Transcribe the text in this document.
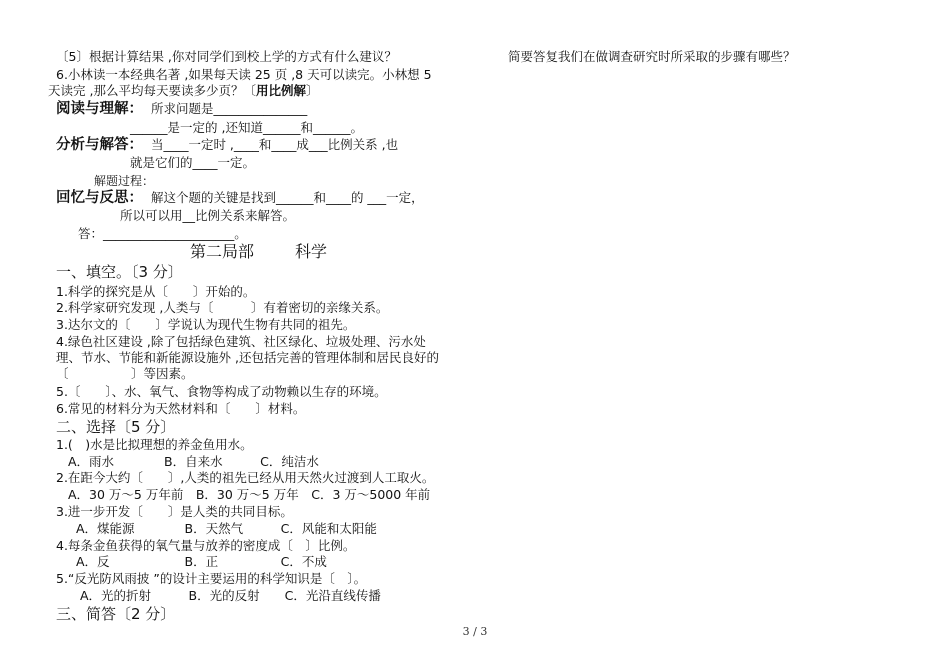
〔5〕根据计算结果 ,你对同学们到校上学的方式有什么建议？
6.小林读一本经典名著 ,如果每天读 25 页 ,8 天可以读完。小林想 5
天读完 ,那么平均每天要读多少页？〔用比例解〕
阅读与理解： 所求问题是_______________
______是一定的 ,还知道______和______。
分析与解答： 当____一定时 ,____和____成___比例关系 ,也
就是它们的____一定。
解题过程：
回忆与反思： 解这个题的关键是找到______和____的 ___一定，
所以可以用__比例关系来解答。
答：_____________________。
第二局部	科学
一、填空。〔3 分〕
1.科学的探究是从〔　　〕开始的。
2.科学家研究发现 ,人类与〔　　　〕有着密切的亲缘关系。
3.达尔文的〔　　〕学说认为现代生物有共同的祖先。
4.绿色社区建设 ,除了包括绿色建筑、社区绿化、垃圾处理、污水处
理、节水、节能和新能源设施外 ,还包括完善的管理体制和居民良好的
〔　　　　　〕等因素。
5.〔　　〕、水、氧气、食物等构成了动物赖以生存的环境。
6.常见的材料分为天然材料和〔　　〕材料。
二、选择〔5 分〕
1.(　)水是比拟理想的养金鱼用水。
A．雨水　　　　B．自来水　　　C．纯洁水
2.在距今大约〔　　〕,人类的祖先已经从用天然火过渡到人工取火。
A．30 万～5 万年前　B．30 万～5 万年　C．3 万～5000 年前
3.进一步开发〔　　〕是人类的共同目标。
A．煤能源　　　　B．天然气　　　C．风能和太阳能
4.每条金鱼获得的氧气量与放养的密度成〔　〕比例。
A．反　　　　　　B．正　　　　　C．不成
5.“反光防风雨披 ”的设计主要运用的科学知识是〔　〕。
A．光的折射　　　B．光的反射　　C．光沿直线传播
三、简答〔2 分〕
简要答复我们在做调查研究时所采取的步骤有哪些？
3 / 3
